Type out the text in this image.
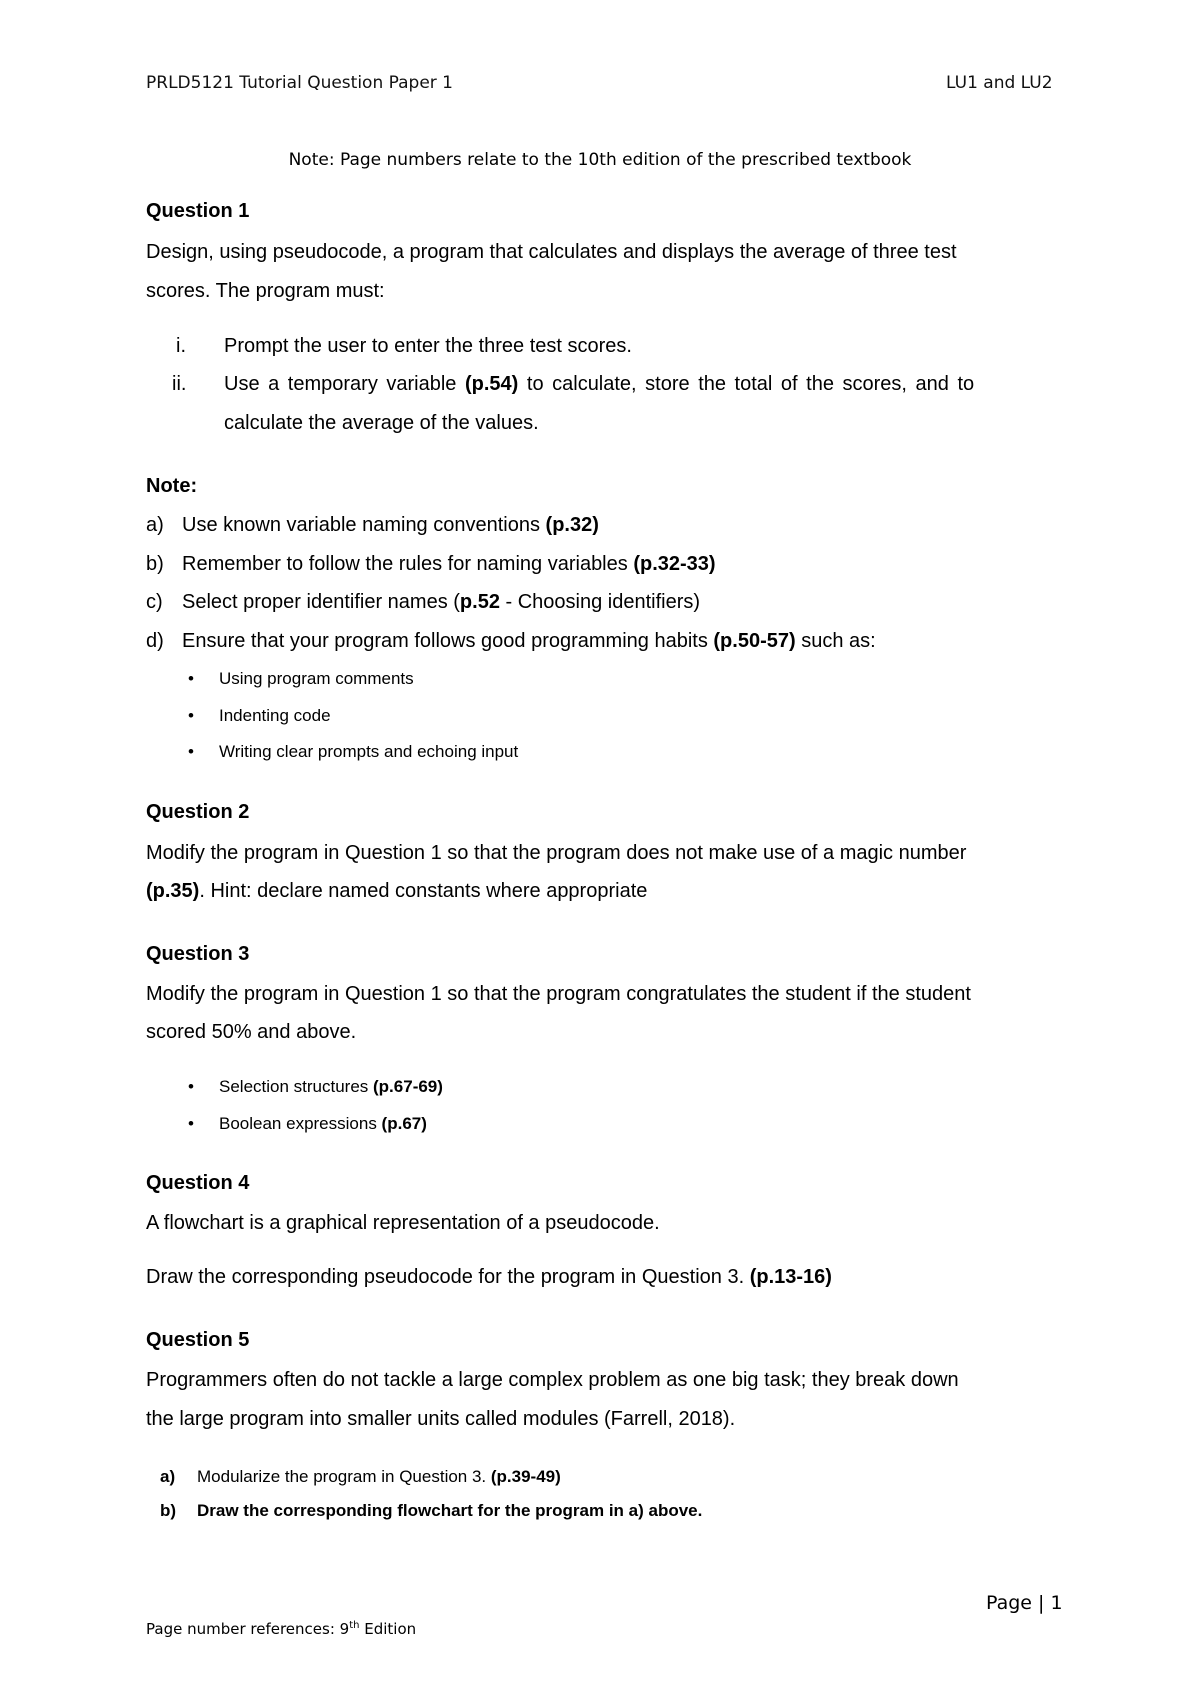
PRLD5121 Tutorial Question Paper 1	LU1 and LU2
Note: Page numbers relate to the 10th edition of the prescribed textbook
Question 1
Design, using pseudocode, a program that calculates and displays the average of three test
scores. The program must:
i. Prompt the user to enter the three test scores.
ii. Use a temporary variable (p.54) to calculate, store the total of the scores, and to
calculate the average of the values.
Note:
a) Use known variable naming conventions (p.32)
b) Remember to follow the rules for naming variables (p.32-33)
c) Select proper identifier names (p.52 - Choosing identifiers)
d) Ensure that your program follows good programming habits (p.50-57) such as:
• Using program comments
• Indenting code
• Writing clear prompts and echoing input
Question 2
Modify the program in Question 1 so that the program does not make use of a magic number
(p.35). Hint: declare named constants where appropriate
Question 3
Modify the program in Question 1 so that the program congratulates the student if the student
scored 50% and above.
• Selection structures (p.67-69)
• Boolean expressions (p.67)
Question 4
A flowchart is a graphical representation of a pseudocode.
Draw the corresponding pseudocode for the program in Question 3. (p.13-16)
Question 5
Programmers often do not tackle a large complex problem as one big task; they break down
the large program into smaller units called modules (Farrell, 2018).
a) Modularize the program in Question 3. (p.39-49)
b) Draw the corresponding flowchart for the program in a) above.
Page | 1
Page number references: 9th Edition
